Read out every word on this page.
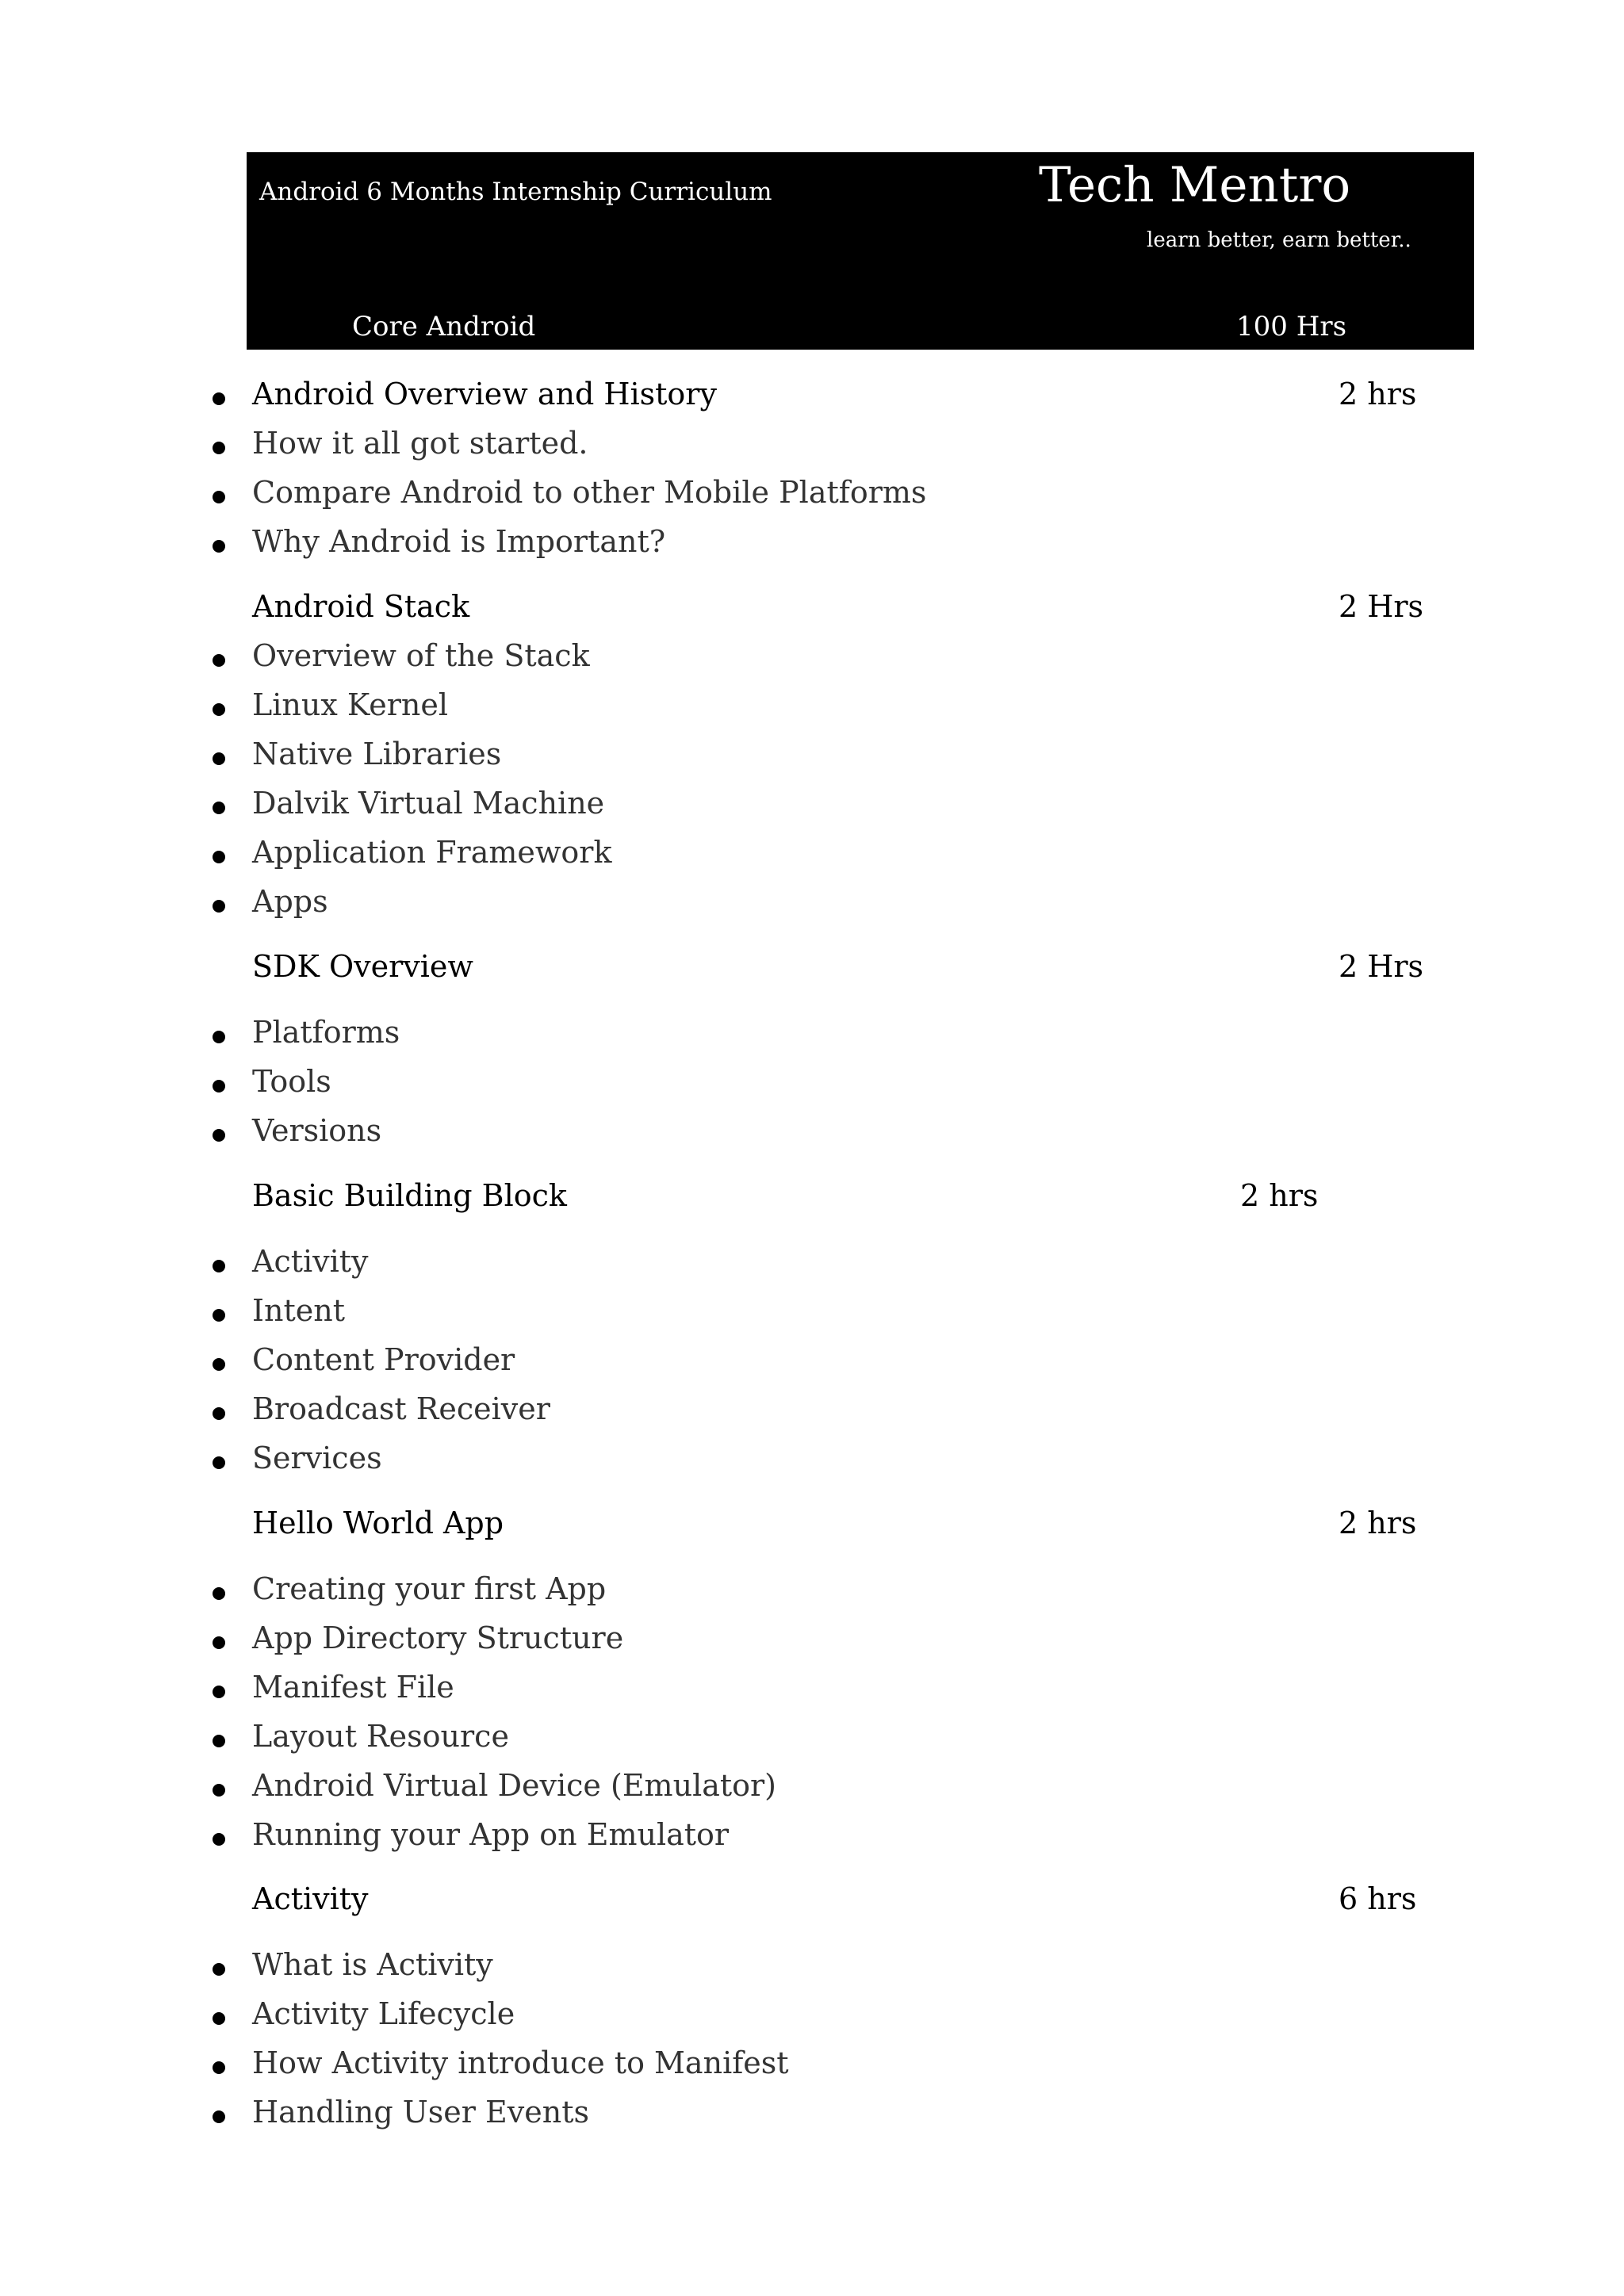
Android 6 Months Internship Curriculum	Tech Mentro
learn better, earn better..
Core Android	100 Hrs
Android Overview and History	2 hrs
How it all got started.
Compare Android to other Mobile Platforms
Why Android is Important?
Android Stack	2 Hrs
Overview of the Stack
Linux Kernel
Native Libraries
Dalvik Virtual Machine
Application Framework
Apps
SDK Overview	2 Hrs
Platforms
Tools
Versions
Basic Building Block	2 hrs
Activity
Intent
Content Provider
Broadcast Receiver
Services
Hello World App	2 hrs
Creating your first App
App Directory Structure
Manifest File
Layout Resource
Android Virtual Device (Emulator)
Running your App on Emulator
Activity	6 hrs
What is Activity
Activity Lifecycle
How Activity introduce to Manifest
Handling User Events
